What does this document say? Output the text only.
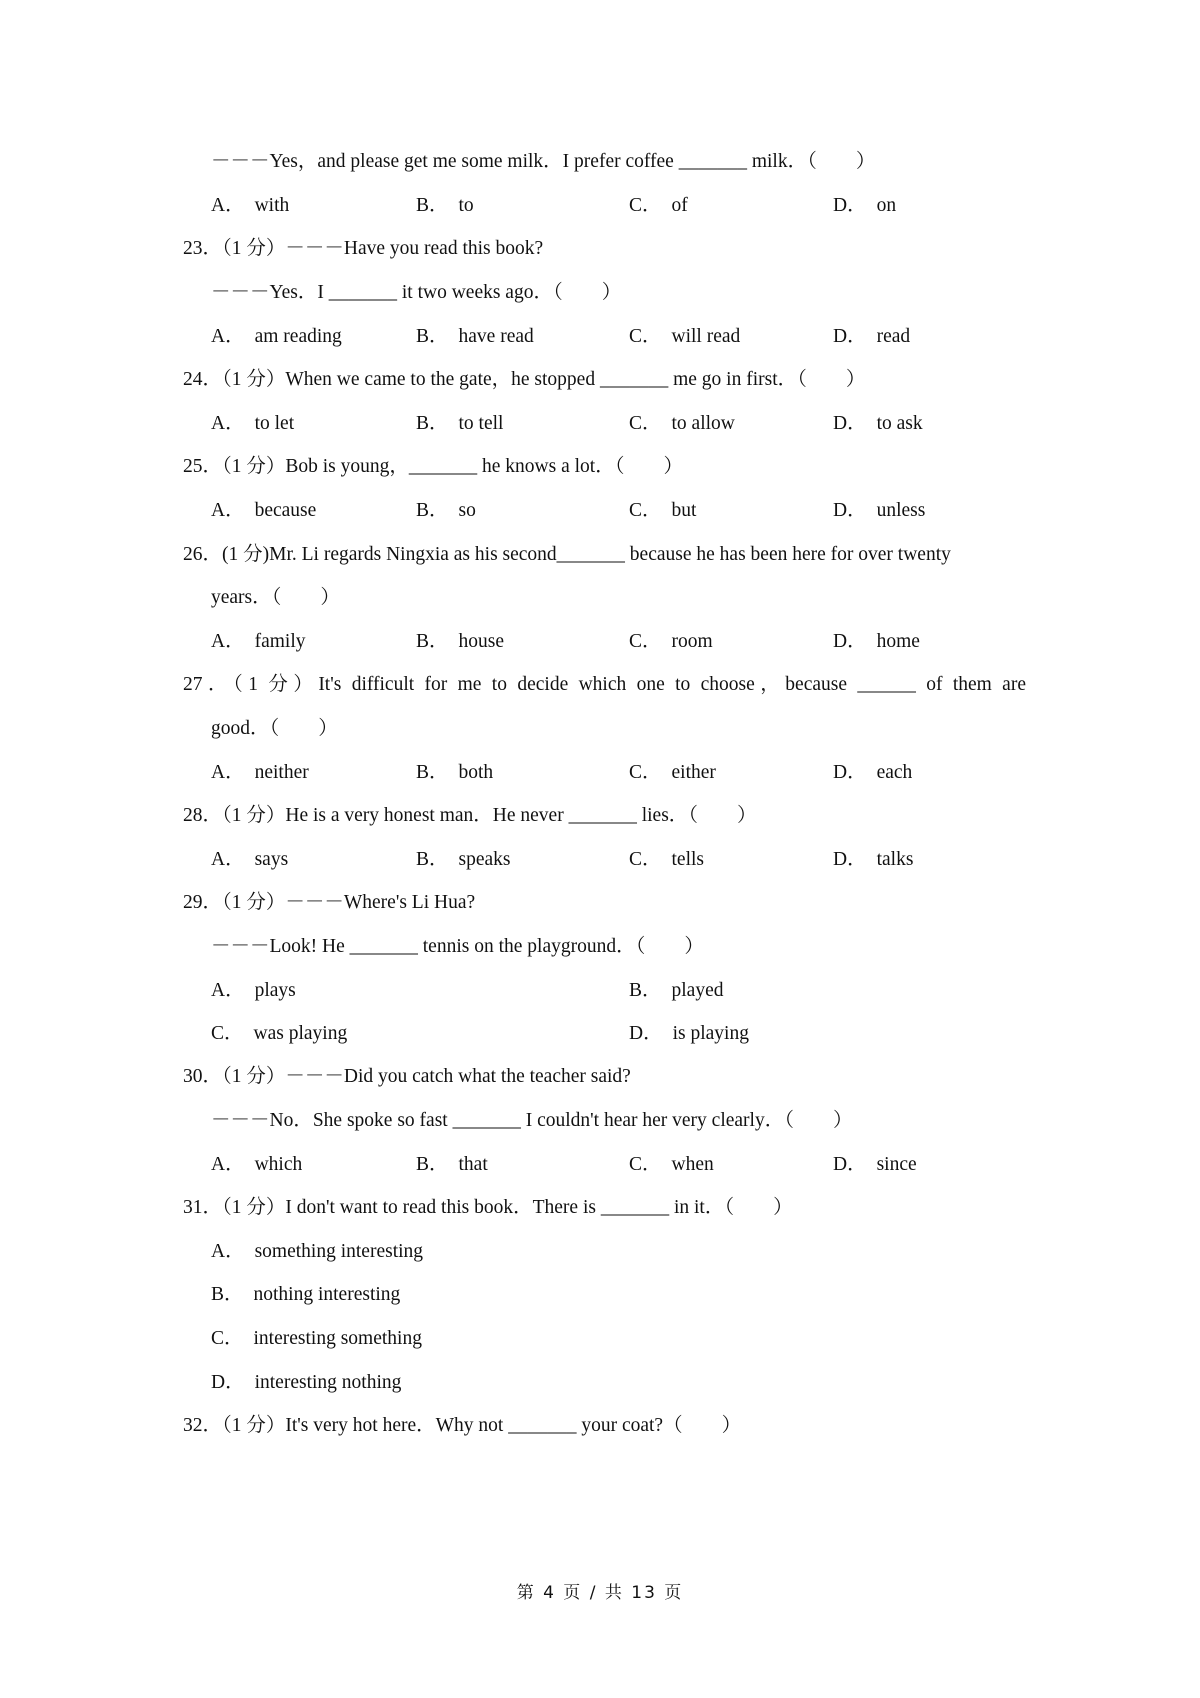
－－－Yes，and please get me some milk．I prefer coffee _______ milk．（　　）
A． with	B． to	C． of	D． on
23．（1 分）－－－Have you read this book?
－－－Yes．I _______ it two weeks ago．（　　）
A． am reading	B． have read	C． will read	D． read
24．（1 分）When we came to the gate，he stopped _______ me go in first．（　　）
A． to let	B． to tell	C． to allow	D． to ask
25．（1 分）Bob is young，_______ he knows a lot．（　　）
A． because	B． so	C． but	D． unless
26．(1 分)Mr. Li regards Ningxia as his second_______ because he has been here for over twenty
years．（　　）
A． family	B． house	C． room	D． home
27．（1 分）It's difficult for me to decide which one to choose，because ______ of them are
good．（　　）
A． neither	B． both	C． either	D． each
28．（1 分）He is a very honest man．He never _______ lies．（　　）
A． says	B． speaks	C． tells	D． talks
29．（1 分）－－－Where's Li Hua?
－－－Look! He _______ tennis on the playground．（　　）
A． plays	B． played
C． was playing	D． is playing
30．（1 分）－－－Did you catch what the teacher said?
－－－No．She spoke so fast _______ I couldn't hear her very clearly．（　　）
A． which	B． that	C． when	D． since
31．（1 分）I don't want to read this book．There is _______ in it．（　　）
A． something interesting
B． nothing interesting
C． interesting something
D． interesting nothing
32．（1 分）It's very hot here．Why not _______ your coat?（　　）
第 4 页 / 共 13 页
